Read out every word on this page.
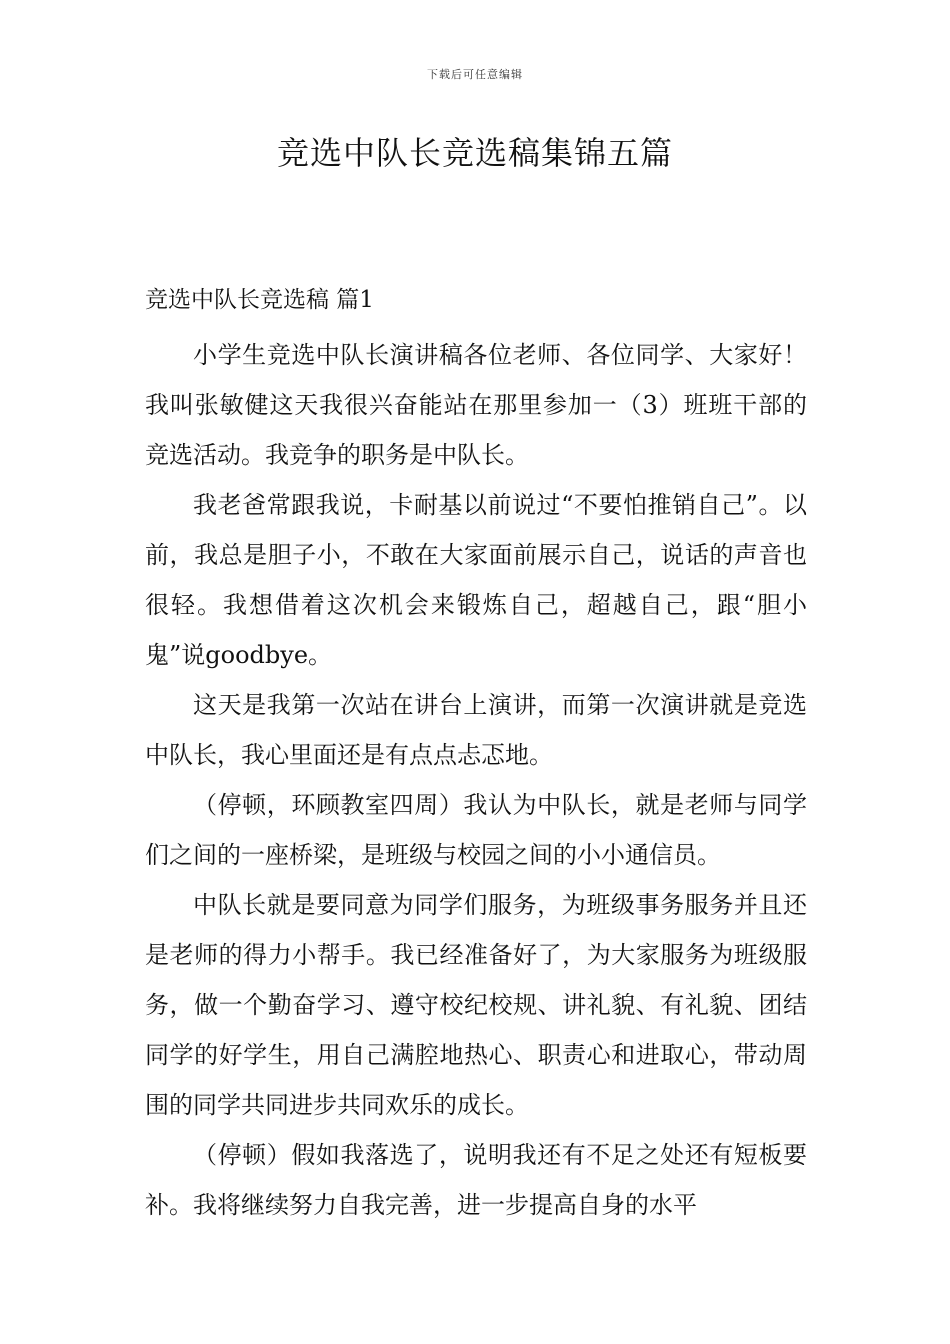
下载后可任意编辑
竞选中队长竞选稿集锦五篇
竞选中队长竞选稿 篇1

小学生竞选中队长演讲稿各位老师、各位同学、大家好！我叫张敏健这天我很兴奋能站在那里参加一（3）班班干部的竞选活动。我竞争的职务是中队长。

我老爸常跟我说，卡耐基以前说过“不要怕推销自己”。以前，我总是胆子小，不敢在大家面前展示自己，说话的声音也很轻。我想借着这次机会来锻炼自己，超越自己，跟“胆小鬼”说goodbye。

这天是我第一次站在讲台上演讲，而第一次演讲就是竞选中队长，我心里面还是有点点忐忑地。

（停顿，环顾教室四周）我认为中队长，就是老师与同学们之间的一座桥梁，是班级与校园之间的小小通信员。

中队长就是要同意为同学们服务，为班级事务服务并且还是老师的得力小帮手。我已经准备好了，为大家服务为班级服务，做一个勤奋学习、遵守校纪校规、讲礼貌、有礼貌、团结同学的好学生，用自己满腔地热心、职责心和进取心，带动周围的同学共同进步共同欢乐的成长。

（停顿）假如我落选了，说明我还有不足之处还有短板要补。我将继续努力自我完善，进一步提高自身的水平
